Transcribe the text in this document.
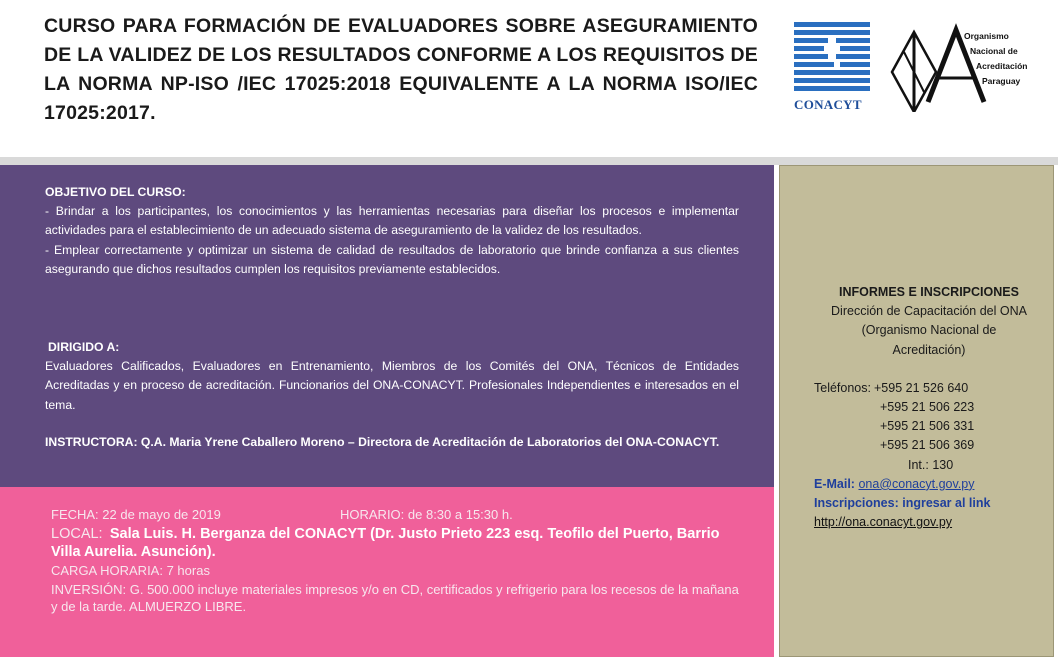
CURSO PARA FORMACIÓN DE EVALUADORES SOBRE ASEGURAMIENTO DE LA VALIDEZ DE LOS RESULTADOS CONFORME A LOS REQUISITOS DE LA NORMA NP-ISO /IEC 17025:2018 EQUIVALENTE A LA NORMA ISO/IEC 17025:2017.	CONACYT
Organismo
Nacional de
Acreditación
Paraguay
OBJETIVO DEL CURSO:
- Brindar a los participantes, los conocimientos y las herramientas necesarias para diseñar los procesos e implementar actividades para el establecimiento de un adecuado sistema de aseguramiento de la validez de los resultados.
- Emplear correctamente y optimizar un sistema de calidad de resultados de laboratorio que brinde confianza a sus clientes asegurando que dichos resultados cumplen los requisitos previamente establecidos.
DIRIGIDO A:
Evaluadores Calificados, Evaluadores en Entrenamiento, Miembros de los Comités del ONA, Técnicos de Entidades Acreditadas y en proceso de acreditación. Funcionarios del ONA-CONACYT. Profesionales Independientes e interesados en el tema.
INSTRUCTORA: Q.A. Maria Yrene Caballero Moreno – Directora de Acreditación de Laboratorios del ONA-CONACYT.
FECHA: 22 de mayo de 2019	HORARIO: de 8:30 a 15:30 h.
LOCAL: Sala Luis. H. Berganza del CONACYT (Dr. Justo Prieto 223 esq. Teofilo del Puerto, Barrio Villa Aurelia. Asunción).
CARGA HORARIA: 7 horas
INVERSIÓN: G. 500.000 incluye materiales impresos y/o en CD, certificados y refrigerio para los recesos de la mañana y de la tarde. ALMUERZO LIBRE.
INFORMES E INSCRIPCIONES
Dirección de Capacitación del ONA
(Organismo Nacional de Acreditación)
Teléfonos: +595 21 526 640
+595 21 506 223
+595 21 506 331
+595 21 506 369
Int.: 130
E-Mail: ona@conacyt.gov.py
Inscripciones: ingresar al link
http://ona.conacyt.gov.py
